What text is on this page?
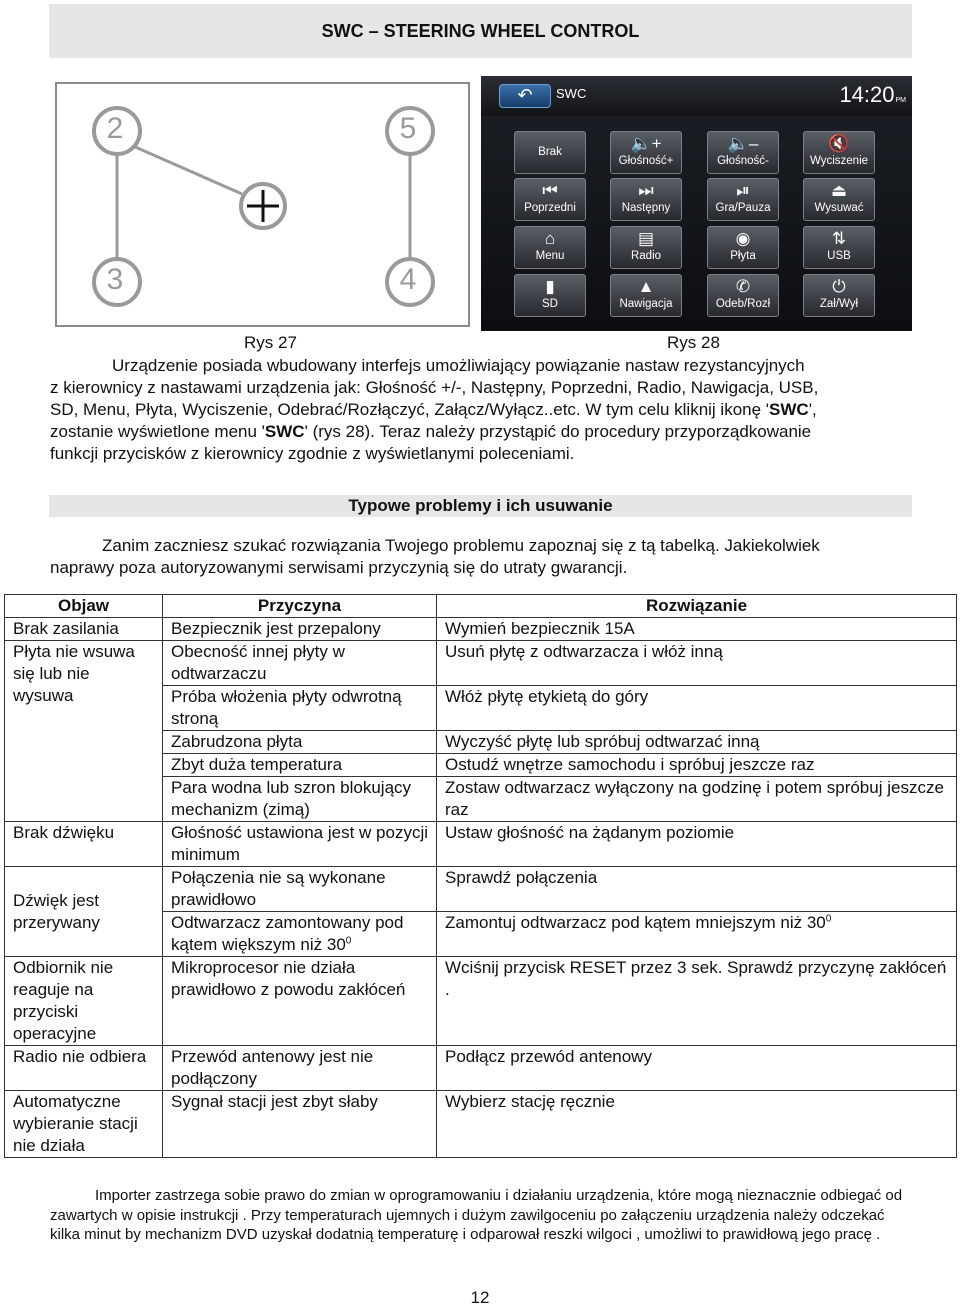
SWC – STEERING WHEEL CONTROL
2	5
3	4
↶	SWC	14:20PM
Brak	🔈+
Głośność+
🔈–
Głośność-
🔇
Wyciszenie
⏮
Poprzedni
⏭
Następny
⏯
Gra/Pauza
⏏
Wysuwać
⌂
Menu
▤
Radio
◉
Płyta
⇅
USB
▮
SD
▲
Nawigacja
✆
Odeb/Rozł
⏻
Zał/Wył
Rys 27	Rys 28
Urządzenie posiada wbudowany interfejs umożliwiający powiązanie nastaw rezystancyjnych
z kierownicy z nastawami urządzenia jak: Głośność +/-, Następny, Poprzedni, Radio, Nawigacja, USB,
SD, Menu, Płyta, Wyciszenie, Odebrać/Rozłączyć, Załącz/Wyłącz..etc. W tym celu kliknij ikonę 'SWC',
zostanie wyświetlone menu 'SWC' (rys 28). Teraz należy przystąpić do procedury przyporządkowanie
funkcji przycisków z kierownicy zgodnie z wyświetlanymi poleceniami.
Typowe problemy i ich usuwanie
Zanim zaczniesz szukać rozwiązania Twojego problemu zapoznaj się z tą tabelką. Jakiekolwiek
naprawy poza autoryzowanymi serwisami przyczynią się do utraty gwarancji.
Objaw	Przyczyna	Rozwiązanie
Brak zasilania	Bezpiecznik jest przepalony	Wymień bezpiecznik 15A
Płyta nie wsuwa się lub nie wysuwa	Obecność innej płyty w odtwarzaczu	Usuń płytę z odtwarzacza i włóż inną
	Próba włożenia płyty odwrotną stroną	Włóż płytę etykietą do góry
	Zabrudzona płyta	Wyczyść płytę lub spróbuj odtwarzać inną
	Zbyt duża temperatura	Ostudź wnętrze samochodu i spróbuj jeszcze raz
	Para wodna lub szron blokujący mechanizm (zimą)	Zostaw odtwarzacz wyłączony na godzinę i potem spróbuj jeszcze raz
Brak dźwięku	Głośność ustawiona jest w pozycji minimum	Ustaw głośność na żądanym poziomie
Dźwięk jest przerywany	Połączenia nie są wykonane prawidłowo	Sprawdź połączenia
	Odtwarzacz zamontowany pod kątem większym niż $30^0$	Zamontuj odtwarzacz pod kątem mniejszym niż $30^0$
Odbiornik nie reaguje na przyciski operacyjne	Mikroprocesor nie działa prawidłowo z powodu zakłóceń	Wciśnij przycisk RESET przez 3 sek. Sprawdź przyczynę zakłóceń .
Radio nie odbiera	Przewód antenowy jest nie podłączony	Podłącz przewód antenowy
Automatyczne wybieranie stacji nie działa	Sygnał stacji jest zbyt słaby	Wybierz stację ręcznie
Importer zastrzega sobie prawo do zmian w oprogramowaniu i działaniu urządzenia, które mogą nieznacznie odbiegać od zawartych w opisie instrukcji . Przy temperaturach ujemnych i dużym zawilgoceniu po załączeniu urządzenia należy odczekać kilka minut by mechanizm DVD uzyskał dodatnią temperaturę i odparował reszki wilgoci , umożliwi to prawidłową jego pracę .
12
